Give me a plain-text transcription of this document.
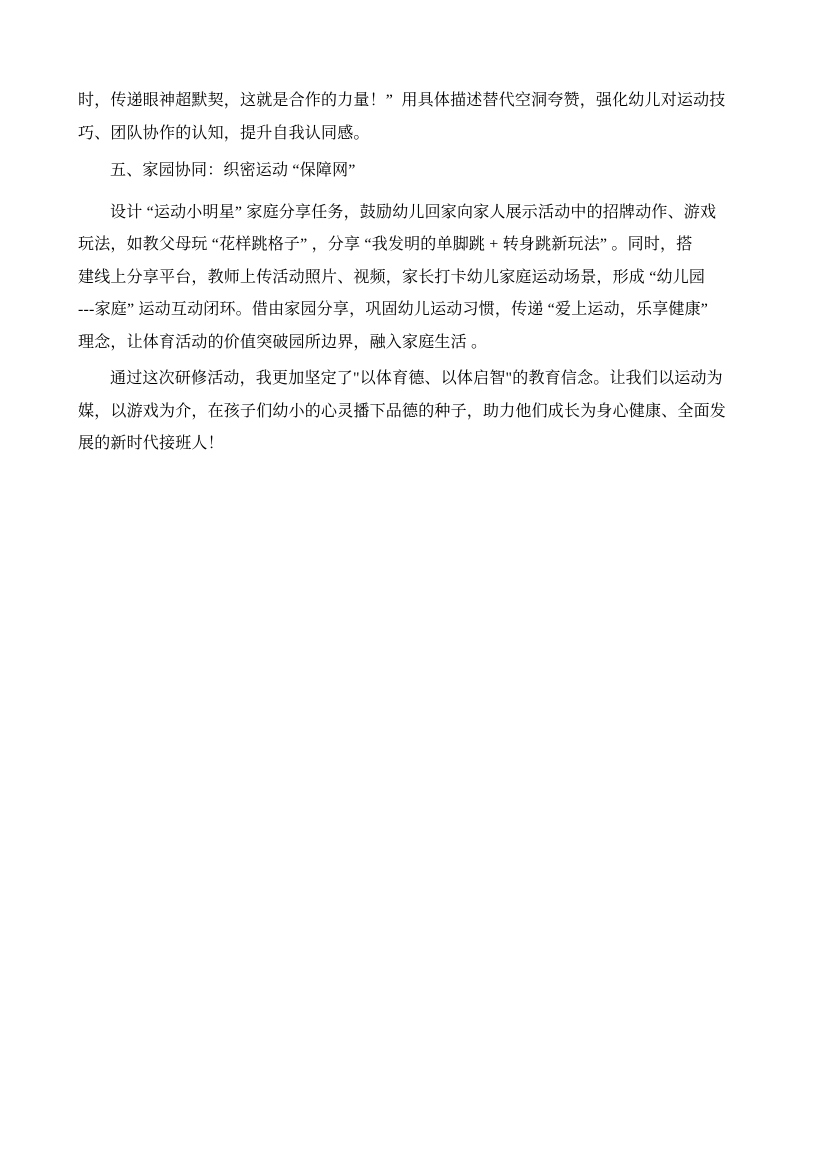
时，传递眼神超默契，这就是合作的力量！”  用具体描述替代空洞夸赞，强化幼儿对运动技
巧、团队协作的认知，提升自我认同感。
五、家园协同：织密运动 “保障网”
设计 “运动小明星” 家庭分享任务，鼓励幼儿回家向家人展示活动中的招牌动作、游戏
玩法，如教父母玩 “花样跳格子” ，分享 “我发明的单脚跳 + 转身跳新玩法” 。同时，搭
建线上分享平台，教师上传活动照片、视频，家长打卡幼儿家庭运动场景，形成 “幼儿园
---家庭” 运动互动闭环。借由家园分享，巩固幼儿运动习惯，传递 “爱上运动，乐享健康”
理念，让体育活动的价值突破园所边界，融入家庭生活 。
通过这次研修活动，我更加坚定了"以体育德、以体启智"的教育信念。让我们以运动为
媒，以游戏为介，在孩子们幼小的心灵播下品德的种子，助力他们成长为身心健康、全面发
展的新时代接班人！
